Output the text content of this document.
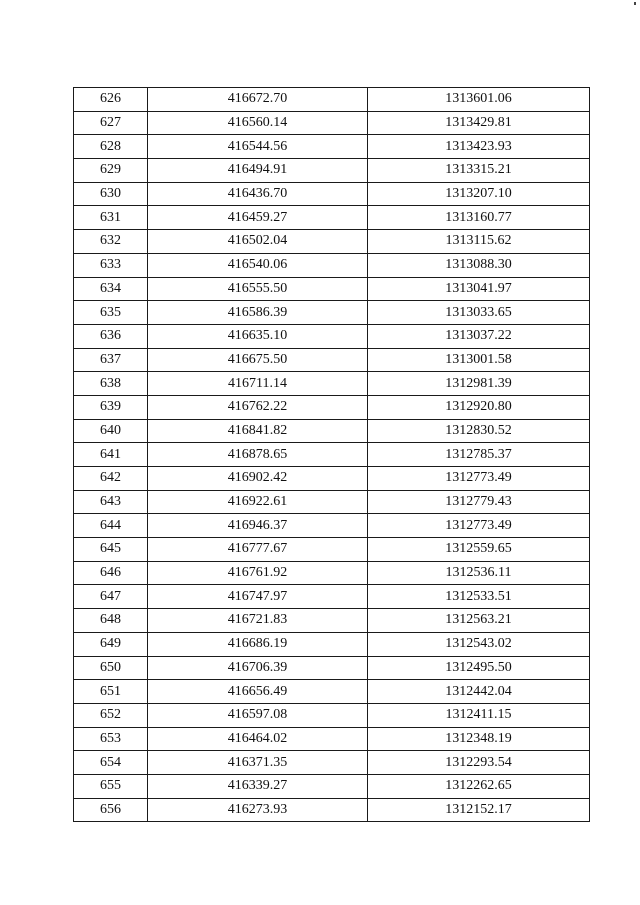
626	416672.70	1313601.06
627	416560.14	1313429.81
628	416544.56	1313423.93
629	416494.91	1313315.21
630	416436.70	1313207.10
631	416459.27	1313160.77
632	416502.04	1313115.62
633	416540.06	1313088.30
634	416555.50	1313041.97
635	416586.39	1313033.65
636	416635.10	1313037.22
637	416675.50	1313001.58
638	416711.14	1312981.39
639	416762.22	1312920.80
640	416841.82	1312830.52
641	416878.65	1312785.37
642	416902.42	1312773.49
643	416922.61	1312779.43
644	416946.37	1312773.49
645	416777.67	1312559.65
646	416761.92	1312536.11
647	416747.97	1312533.51
648	416721.83	1312563.21
649	416686.19	1312543.02
650	416706.39	1312495.50
651	416656.49	1312442.04
652	416597.08	1312411.15
653	416464.02	1312348.19
654	416371.35	1312293.54
655	416339.27	1312262.65
656	416273.93	1312152.17
